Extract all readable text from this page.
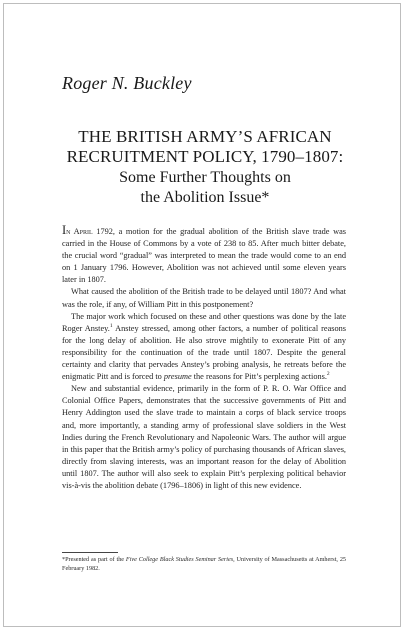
Roger N. Buckley
THE BRITISH ARMY’S AFRICAN
RECRUITMENT POLICY, 1790–1807:
Some Further Thoughts on
the Abolition Issue*

In April 1792, a motion for the gradual abolition of the British slave trade was carried in the House of Commons by a vote of 238 to 85. After much bitter debate, the crucial word “gradual” was interpreted to mean the trade would come to an end on 1 January 1796. However, Abolition was not achieved until some eleven years later in 1807.

What caused the abolition of the British trade to be delayed until 1807? And what was the role, if any, of William Pitt in this postponement?

The major work which focused on these and other questions was done by the late Roger Anstey.$^1$ Anstey stressed, among other factors, a number of political reasons for the long delay of abolition. He also strove mightily to exonerate Pitt of any responsibility for the continuation of the trade until 1807. Despite the general certainty and clarity that pervades Anstey’s probing analysis, he retreats before the enigmatic Pitt and is forced to presume the reasons for Pitt’s perplexing actions.$^2$

New and substantial evidence, primarily in the form of P. R. O. War Office and Colonial Office Papers, demonstrates that the successive governments of Pitt and Henry Addington used the slave trade to maintain a corps of black service troops and, more importantly, a standing army of professional slave soldiers in the West Indies during the French Revolutionary and Napoleonic Wars. The author will argue in this paper that the British army’s policy of purchasing thousands of African slaves, directly from slaving interests, was an important reason for the delay of Abolition until 1807. The author will also seek to explain Pitt’s perplexing political behavior vis-à-vis the abolition debate (1796–1806) in light of this new evidence.

*Presented as part of the Five College Black Studies Seminar Series, University of Massachusetts at Amherst, 25 February 1982.
